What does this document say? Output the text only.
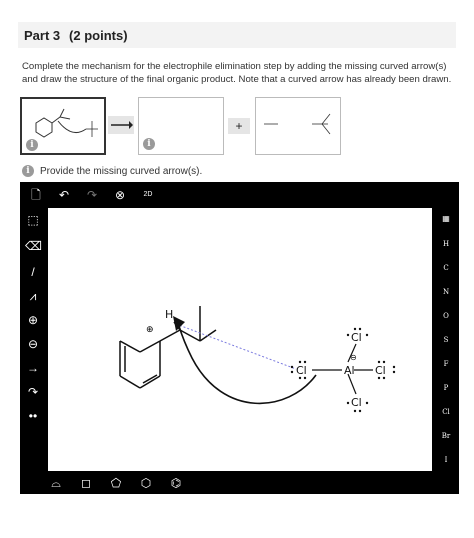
Part 3
(2 points)
Complete the mechanism for the electrophile elimination step by adding the missing curved arrow(s) and draw the structure of the final organic product. Note that a curved arrow has already been drawn.
i	i
+
i	Provide the missing curved arrow(s).
🗋 ↶ ↷ ⊗	2D
⬚
⌫
/
⩘
⊕
⊖
→
↷
••
▦
H
C
N
O
S
F
P
Cl
Br
I
⊕
H
Cl	Al Cl
Cl
Cl
⊖
⌓ ◻ ⬠ ⬡ ⌬
